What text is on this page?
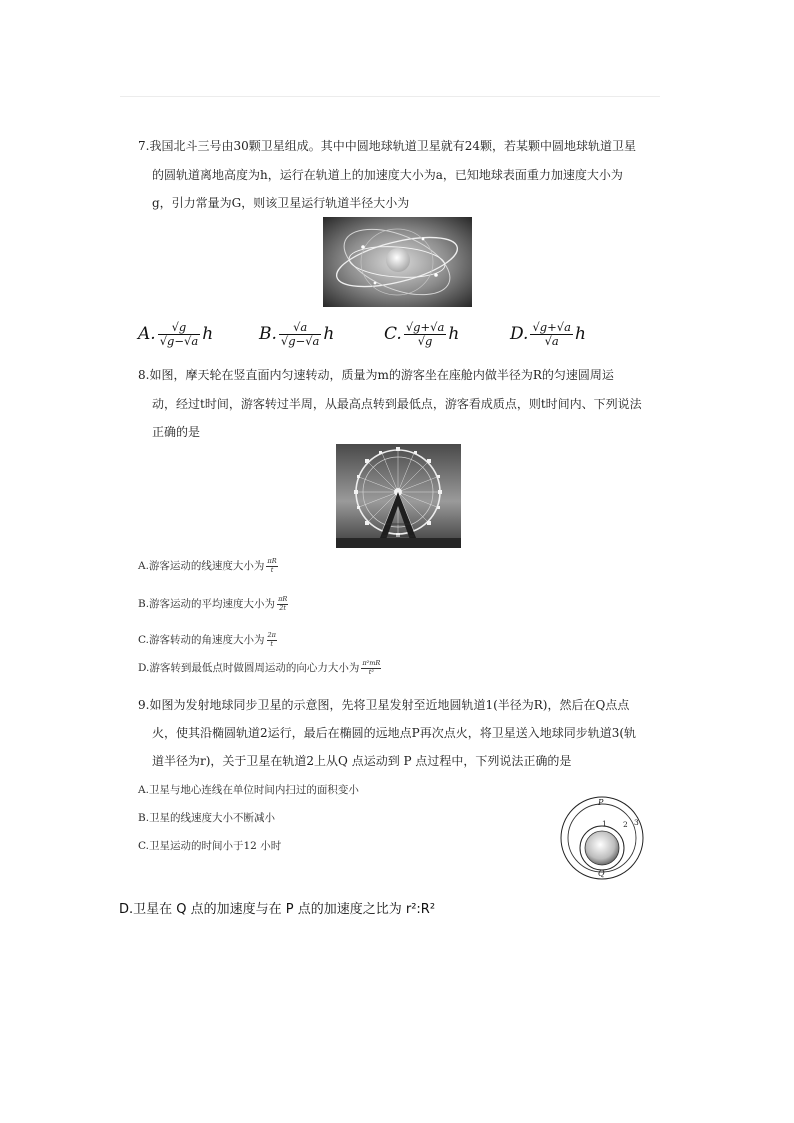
7.我国北斗三号由30颗卫星组成。其中中圆地球轨道卫星就有24颗，若某颗中圆地球轨道卫星
的圆轨道离地高度为h，运行在轨道上的加速度大小为a，已知地球表面重力加速度大小为
g，引力常量为G，则该卫星运行轨道半径大小为
A. $\frac{√g}{√g-√a}$ h	B. $\frac{√a}{√g-√a}$ h	C. $\frac{√g+√a}{√g}$ h	D. $\frac{√g+√a}{√a}$ h
8.如图，摩天轮在竖直面内匀速转动，质量为m的游客坐在座舱内做半径为R的匀速圆周运
动，经过t时间，游客转过半周，从最高点转到最低点，游客看成质点，则t时间内、下列说法
正确的是
A.游客运动的线速度大小为 $\frac{\pi R}{t}$
B.游客运动的平均速度大小为 $\frac{\pi R}{2t}$
C.游客转动的角速度大小为 $\frac{2\pi}{t}$
D.游客转到最低点时做圆周运动的向心力大小为 $\frac{\text{π²mR}}{\text{t²}}$
9.如图为发射地球同步卫星的示意图，先将卫星发射至近地圆轨道1(半径为R)，然后在Q点点
火，使其沿椭圆轨道2运行，最后在椭圆的远地点P再次点火，将卫星送入地球同步轨道3(轨
道半径为r)，关于卫星在轨道2上从Q 点运动到 P 点过程中，下列说法正确的是
A.卫星与地心连线在单位时间内扫过的面积变小
B.卫星的线速度大小不断减小
C.卫星运动的时间小于12 小时
P
1 2 3
Q
D.卫星在 Q 点的加速度与在 P 点的加速度之比为 r²:R²
